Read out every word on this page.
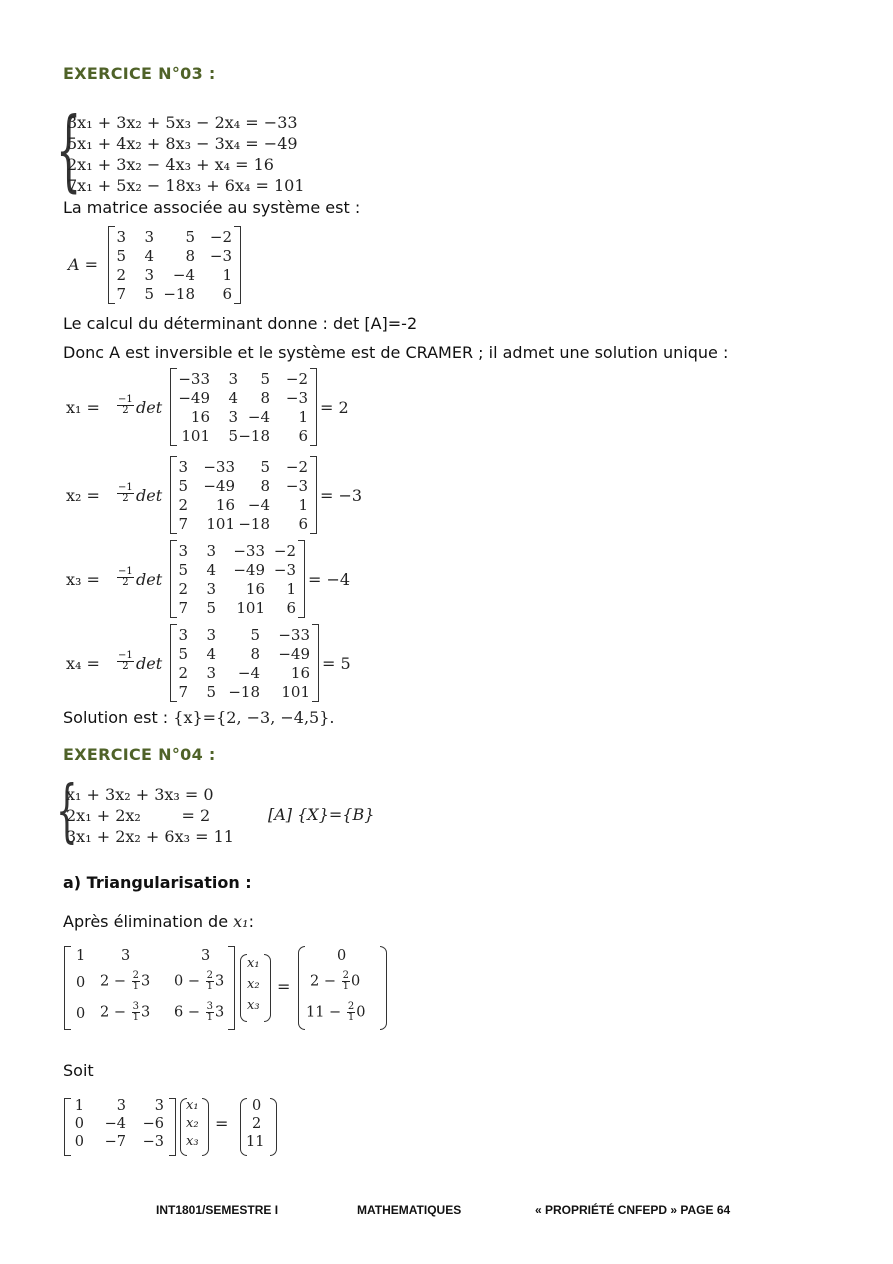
EXERCICE N°03 :
{
3x₁ + 3x₂ + 5x₃ − 2x₄ = −33
5x₁ + 4x₂ + 8x₃ − 3x₄ = −49
2x₁ + 3x₂ − 4x₃ + x₄ = 16
7x₁ + 5x₂ − 18x₃ + 6x₄ = 101
La matrice associée au système est :
A =
3	3	5 −2
5	4	8 −3
2	3	−4	1
7	5 −18	6
Le calcul du déterminant donne : det [A]=-2
Donc A est inversible et le système est de CRAMER ; il admet une solution unique :
$x_1 = \frac{-1}{2}$ det
−33	3	5	−2
−49	4	8	−3
16	3 −4	1
101	5 −18	6
= 2
$x_2 = \frac{-1}{2}$ det
3	−33	5	−2
5	−49	8	−3
2	16 −4	1
7	101 −18	6
= −3
$x_3 = \frac{-1}{2}$ det
3	3	−33 −2
5	4	−49 −3
2	3	16	1
7	5	101	6
= −4
$x_4 = \frac{-1}{2}$ det
3	3	5	−33
5	4	8	−49
2	3	−4	16
7	5 −18	101
= 5
Solution est : {x}={2, −3, −4,5}.
EXERCICE N°04 :
{
x₁ + 3x₂ + 3x₃ = 0
2x₁ + 2x₂        = 2
3x₁ + 2x₂ + 6x₃ = 11
[A] {X}={B}
a) Triangularisation :
Après élimination de x₁:
1 3	3
0 $2 - \frac{2}{1} 3$ $0 - \frac{2}{1} 3$
0 $2 - \frac{3}{1} 3$ $6 - \frac{3}{1} 3$
x₁
x₂
x₃
=
0
$2 - \frac{2}{1} 0$
$11 - \frac{2}{1} 0$
Soit
1	3	3
0	−4	−6
0	−7	−3
x₁
x₂
x₃
=
0
2
11
INT1801/SEMESTRE I	MATHEMATIQUES	« PROPRIÉTÉ CNFEPD » PAGE 64
